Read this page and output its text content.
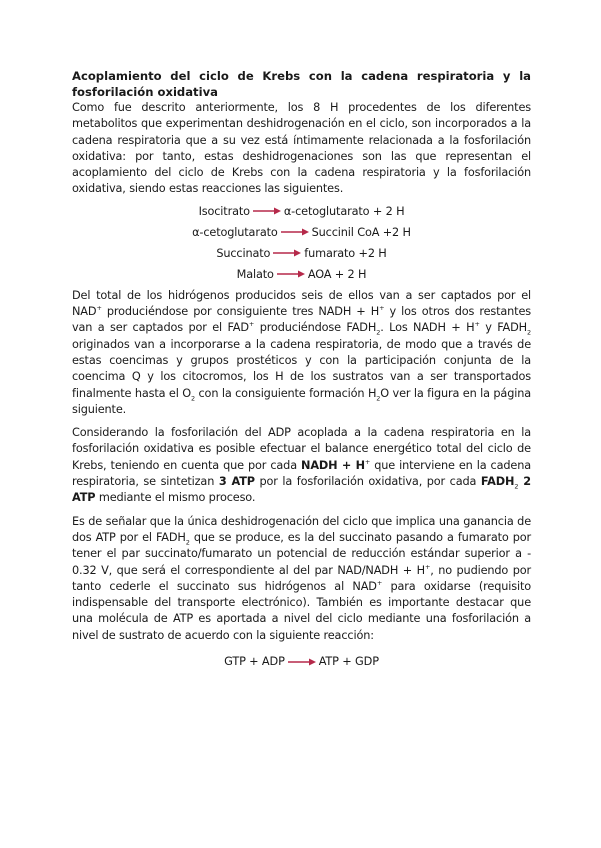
Acoplamiento del ciclo de Krebs con la cadena respiratoria y la fosforilación oxidativa

Como fue descrito anteriormente, los 8 H procedentes de los diferentes metabolitos que experimentan deshidrogenación en el ciclo, son incorporados a la cadena respiratoria que a su vez está íntimamente relacionada a la fosforilación oxidativa: por tanto, estas deshidrogenaciones son las que representan el acoplamiento del ciclo de Krebs con la cadena respiratoria y la fosforilación oxidativa, siendo estas reacciones las siguientes.

Isocitrato	α-cetoglutarato + 2 H
α-cetoglutarato	Succinil CoA +2 H
Succinato	fumarato +2 H
Malato	AOA + 2 H

Del total de los hidrógenos producidos seis de ellos van a ser captados por el NAD+ produciéndose por consiguiente tres NADH + H+ y los otros dos restantes van a ser captados por el FAD+ produciéndose $FADH_2$. Los NADH + H+ y $FADH_2$ originados van a incorporarse a la cadena respiratoria, de modo que a través de estas coencimas y grupos prostéticos y con la participación conjunta de la coencima Q y los citocromos, los H de los sustratos van a ser transportados finalmente hasta el $O_2$ con la consiguiente formación $H_2O$ ver la figura en la página siguiente.

Considerando la fosforilación del ADP acoplada a la cadena respiratoria en la fosforilación oxidativa es posible efectuar el balance energético total del ciclo de Krebs, teniendo en cuenta que por cada NADH + H+ que interviene en la cadena respiratoria, se sintetizan 3 ATP por la fosforilación oxidativa, por cada $FADH_2$ 2 ATP mediante el mismo proceso.

Es de señalar que la única deshidrogenación del ciclo que implica una ganancia de dos ATP por el $FADH_2$ que se produce, es la del succinato pasando a fumarato por tener el par succinato/fumarato un potencial de reducción estándar superior a - 0.32 V, que será el correspondiente al del par NAD/NADH + H+, no pudiendo por tanto cederle el succinato sus hidrógenos al NAD+ para oxidarse (requisito indispensable del transporte electrónico). También es importante destacar que una molécula de ATP es aportada a nivel del ciclo mediante una fosforilación a nivel de sustrato de acuerdo con la siguiente reacción:

GTP + ADP	ATP + GDP
